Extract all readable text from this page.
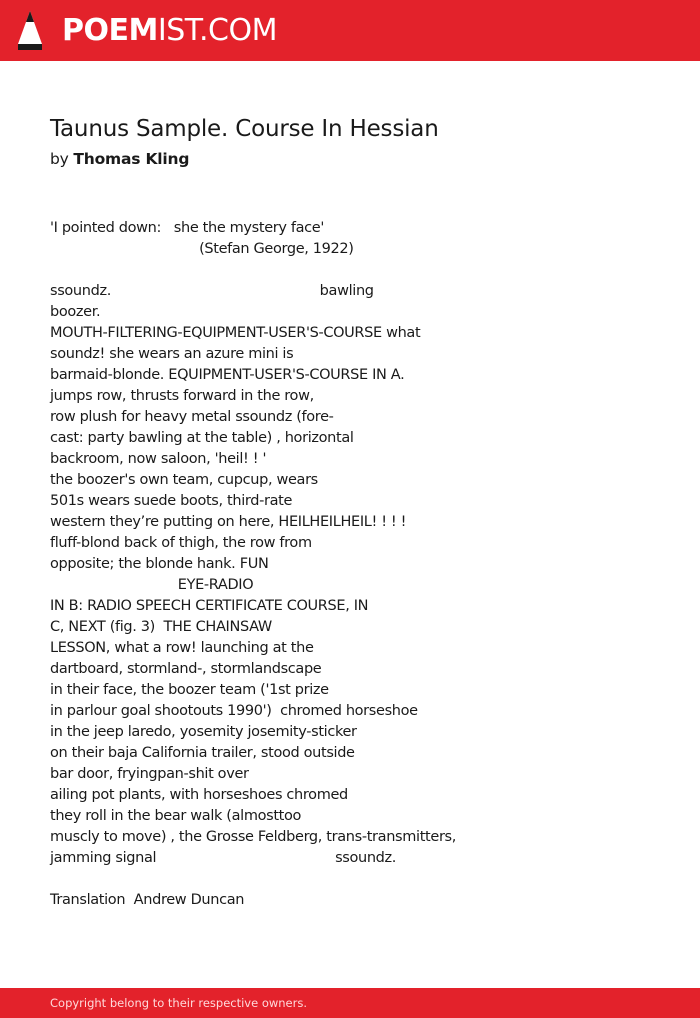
POEMIST.COM
Taunus Sample. Course In Hessian
by Thomas Kling
'I pointed down:   she the mystery face'
(Stefan George, 1922)
ssoundz.                                                 bawling
boozer.
MOUTH-FILTERING-EQUIPMENT-USER'S-COURSE what
soundz! she wears an azure mini is
barmaid-blonde. EQUIPMENT-USER'S-COURSE IN A.
jumps row, thrusts forward in the row,
row plush for heavy metal ssoundz (fore-
cast: party bawling at the table) , horizontal
backroom, now saloon, 'heil! ! '
the boozer's own team, cupcup, wears
501s wears suede boots, third-rate
western they’re putting on here, HEILHEILHEIL! ! ! !
fluff-blond back of thigh, the row from
opposite; the blonde hank. FUN
EYE-RADIO
IN B: RADIO SPEECH CERTIFICATE COURSE, IN
C, NEXT (fig. 3)  THE CHAINSAW
LESSON, what a row! launching at the
dartboard, stormland-, stormlandscape
in their face, the boozer team ('1st prize
in parlour goal shootouts 1990')  chromed horseshoe
in the jeep laredo, yosemity josemity-sticker
on their baja California trailer, stood outside
bar door, fryingpan-shit over
ailing pot plants, with horseshoes chromed
they roll in the bear walk (almosttoo
muscly to move) , the Grosse Feldberg, trans-transmitters,
jamming signal                                          ssoundz.
Translation  Andrew Duncan
Copyright belong to their respective owners.
